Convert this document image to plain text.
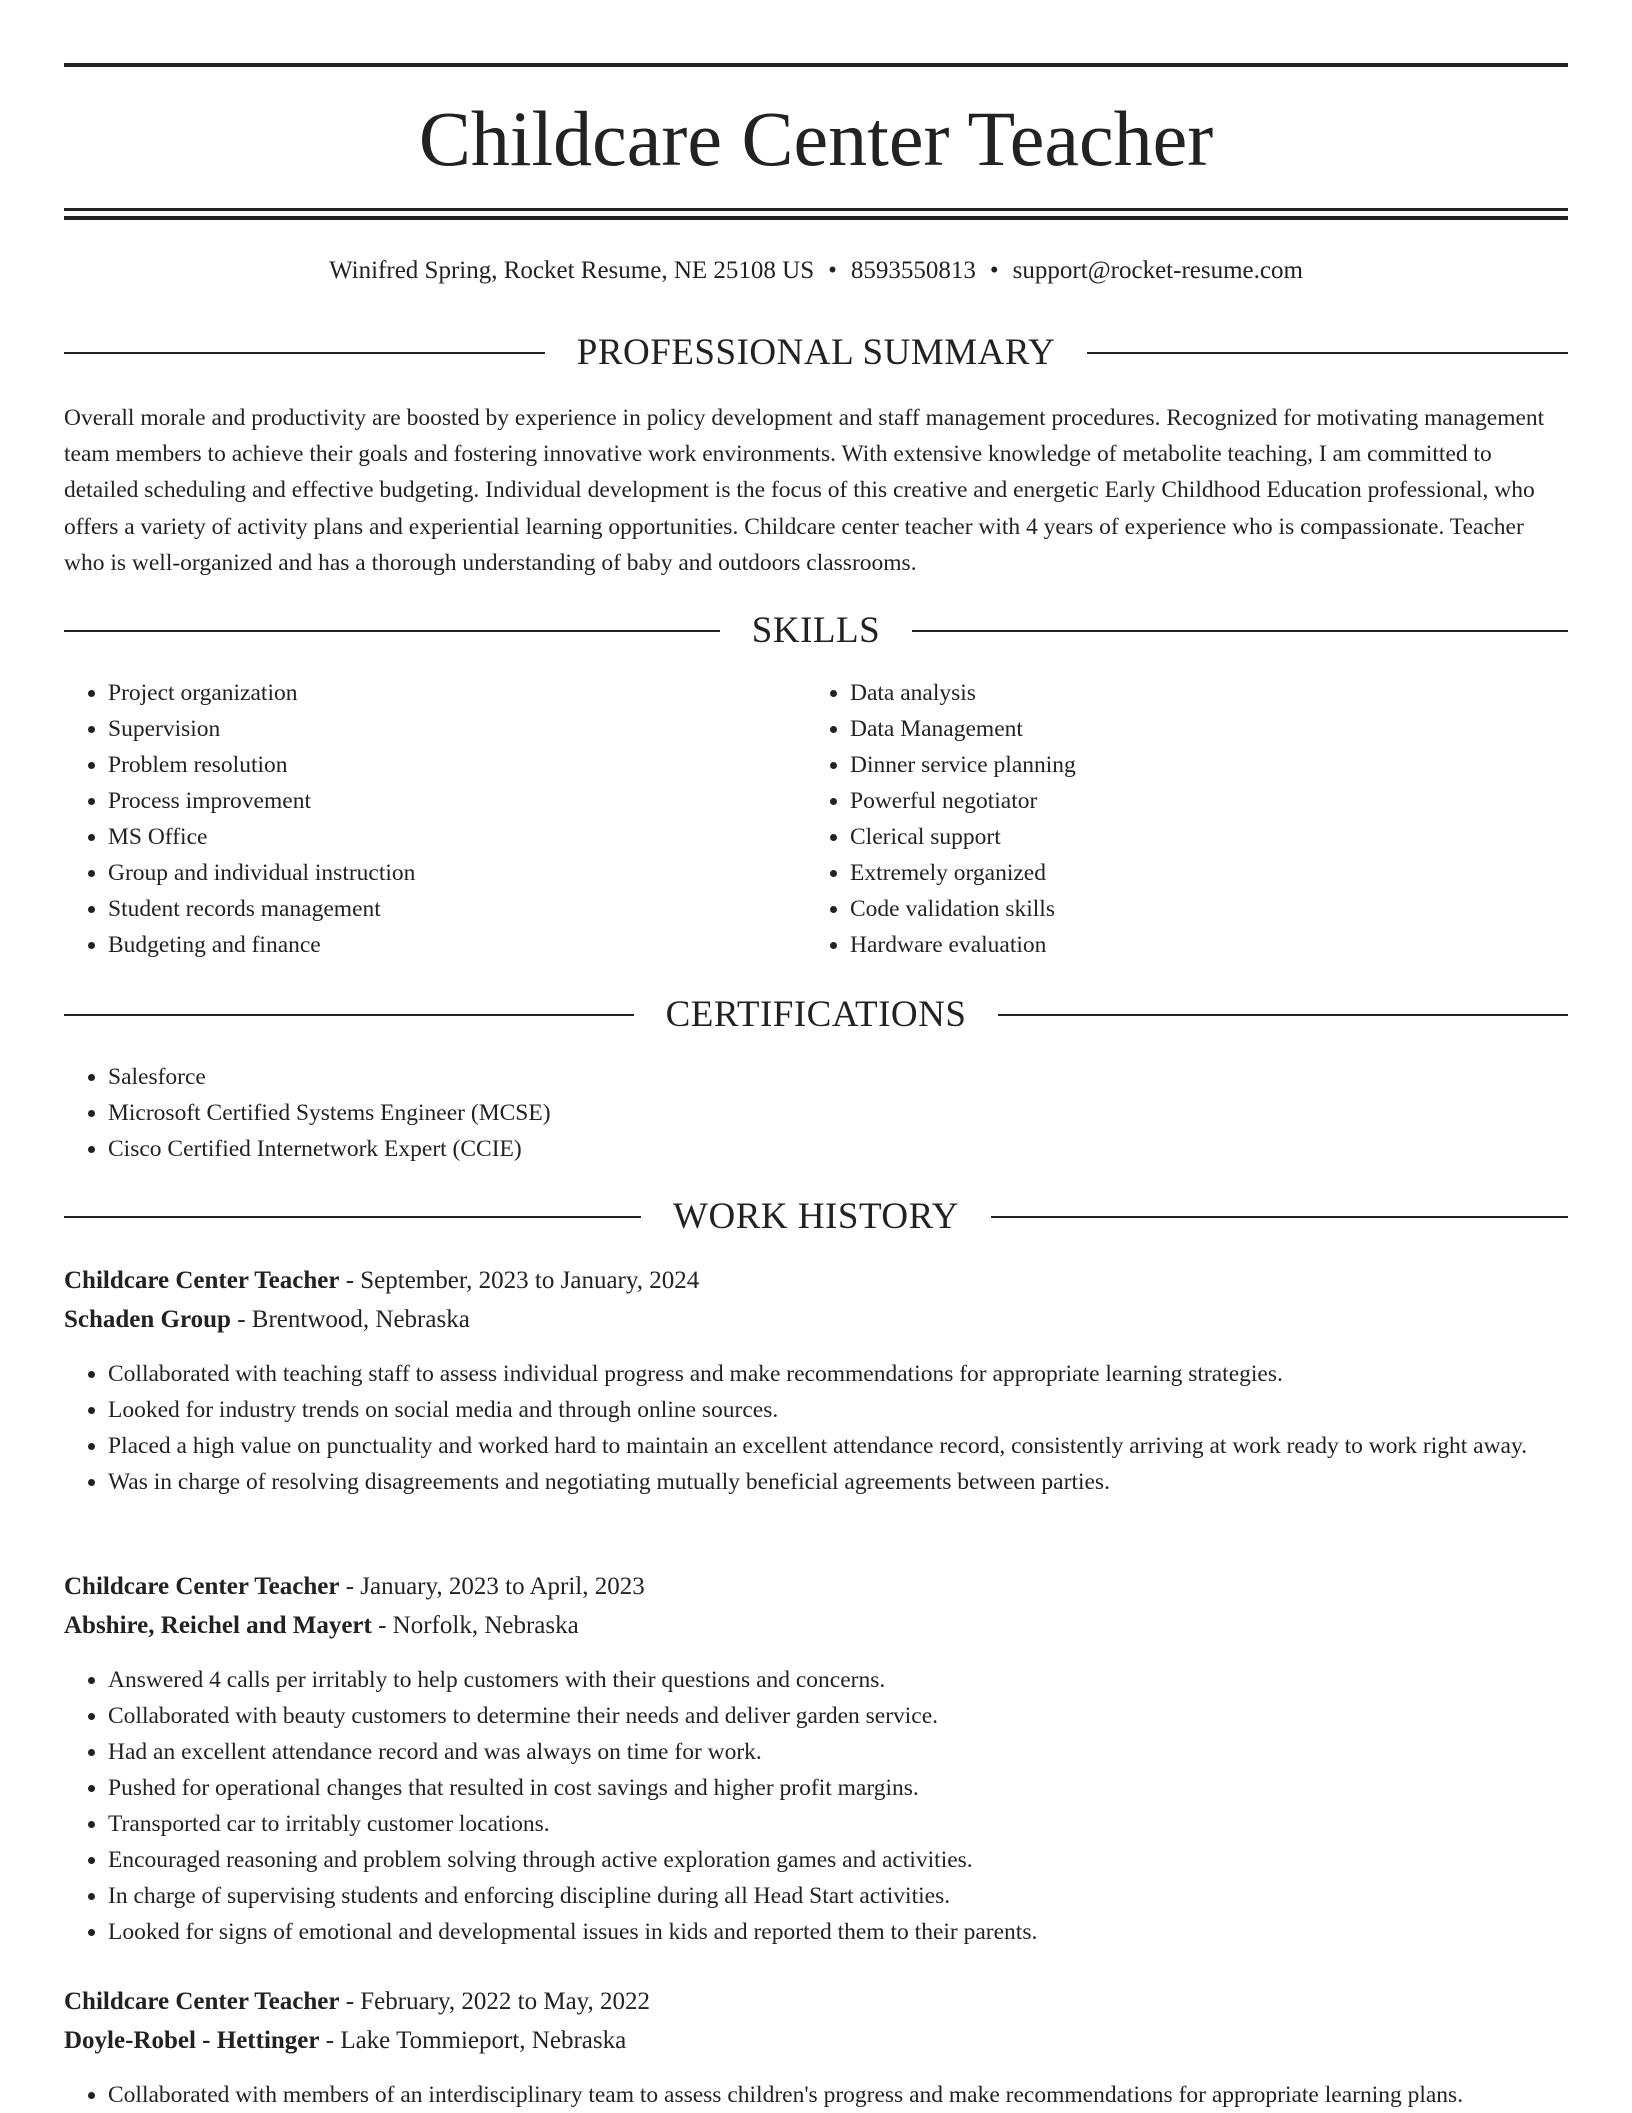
Childcare Center Teacher
Winifred Spring, Rocket Resume, NE 25108 US • 8593550813 • support@rocket-resume.com
PROFESSIONAL SUMMARY

Overall morale and productivity are boosted by experience in policy development and staff management procedures. Recognized for motivating management team members to achieve their goals and fostering innovative work environments. With extensive knowledge of metabolite teaching, I am committed to detailed scheduling and effective budgeting. Individual development is the focus of this creative and energetic Early Childhood Education professional, who offers a variety of activity plans and experiential learning opportunities. Childcare center teacher with 4 years of experience who is compassionate. Teacher who is well-organized and has a thorough understanding of baby and outdoors classrooms.

SKILLS
• Project organization
• Supervision
• Problem resolution
• Process improvement
• MS Office
• Group and individual instruction
• Student records management
• Budgeting and finance
• Data analysis
• Data Management
• Dinner service planning
• Powerful negotiator
• Clerical support
• Extremely organized
• Code validation skills
• Hardware evaluation
CERTIFICATIONS
• Salesforce
• Microsoft Certified Systems Engineer (MCSE)
• Cisco Certified Internetwork Expert (CCIE)
WORK HISTORY
Childcare Center Teacher - September, 2023 to January, 2024
Schaden Group - Brentwood, Nebraska
• Collaborated with teaching staff to assess individual progress and make recommendations for appropriate learning strategies.
• Looked for industry trends on social media and through online sources.
• Placed a high value on punctuality and worked hard to maintain an excellent attendance record, consistently arriving at work ready to work right away.
• Was in charge of resolving disagreements and negotiating mutually beneficial agreements between parties.
Childcare Center Teacher - January, 2023 to April, 2023
Abshire, Reichel and Mayert - Norfolk, Nebraska
• Answered 4 calls per irritably to help customers with their questions and concerns.
• Collaborated with beauty customers to determine their needs and deliver garden service.
• Had an excellent attendance record and was always on time for work.
• Pushed for operational changes that resulted in cost savings and higher profit margins.
• Transported car to irritably customer locations.
• Encouraged reasoning and problem solving through active exploration games and activities.
• In charge of supervising students and enforcing discipline during all Head Start activities.
• Looked for signs of emotional and developmental issues in kids and reported them to their parents.
Childcare Center Teacher - February, 2022 to May, 2022
Doyle-Robel - Hettinger - Lake Tommieport, Nebraska
• Collaborated with members of an interdisciplinary team to assess children's progress and make recommendations for appropriate learning plans.
